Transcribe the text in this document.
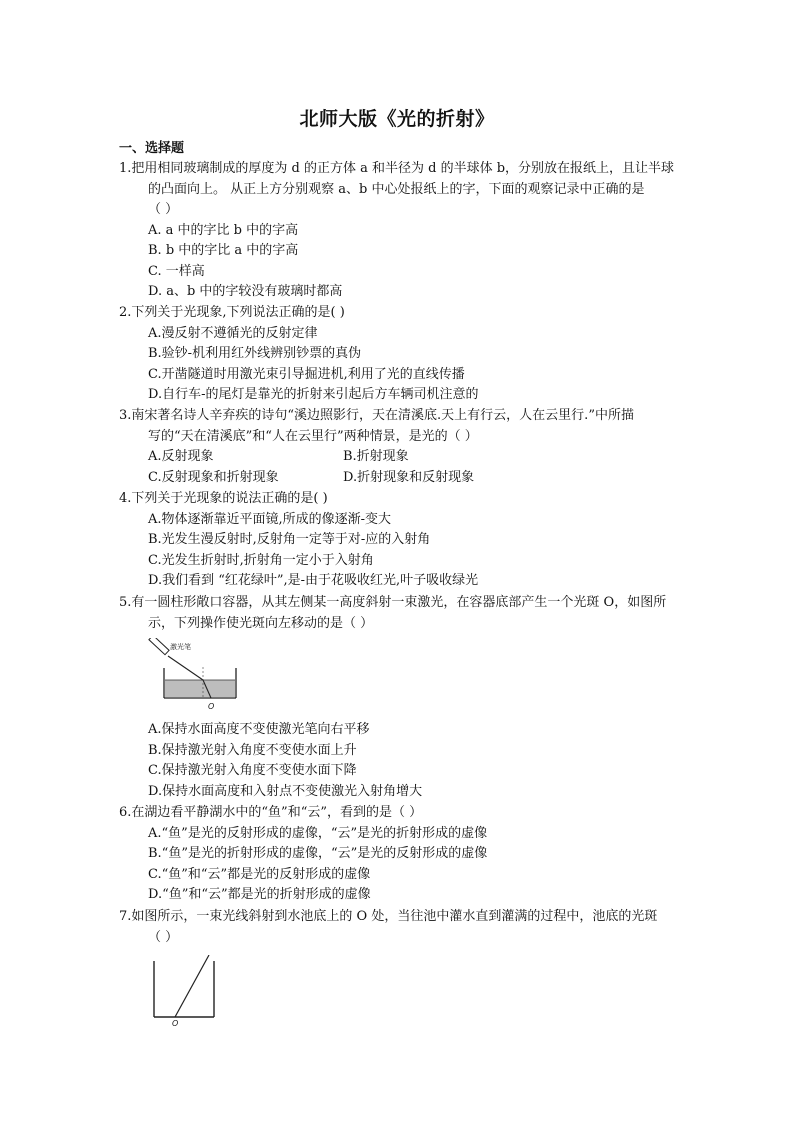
北师大版《光的折射》
一、选择题
1.把用相同玻璃制成的厚度为 d 的正方体 a 和半径为 d 的半球体 b，分别放在报纸上，且让半球
的凸面向上。 从正上方分别观察 a、b 中心处报纸上的字，下面的观察记录中正确的是
（ ）
A. a 中的字比 b 中的字高
B. b 中的字比 a 中的字高
C. 一样高
D. a、b 中的字较没有玻璃时都高
2.下列关于光现象,下列说法正确的是( )
A.漫反射不遵循光的反射定律
B.验钞-机利用红外线辨别钞票的真伪
C.开凿隧道时用激光束引导掘进机,利用了光的直线传播
D.自行车-的尾灯是靠光的折射来引起后方车辆司机注意的
3.南宋著名诗人辛弃疾的诗句“溪边照影行，天在清溪底.天上有行云，人在云里行.”中所描
写的“天在清溪底”和“人在云里行”两种情景，是光的（ ）
A.反射现象	B.折射现象
C.反射现象和折射现象	D.折射现象和反射现象
4.下列关于光现象的说法正确的是( )
A.物体逐渐靠近平面镜,所成的像逐渐-变大
B.光发生漫反射时,反射角一定等于对-应的入射角
C.光发生折射时,折射角一定小于入射角
D.我们看到 “红花绿叶”,是-由于花吸收红光,叶子吸收绿光
5.有一圆柱形敞口容器，从其左侧某一高度斜射一束激光，在容器底部产生一个光斑 O，如图所
示，下列操作使光斑向左移动的是（ ）
激光笔
O
A.保持水面高度不变使激光笔向右平移
B.保持激光射入角度不变使水面上升
C.保持激光射入角度不变使水面下降
D.保持水面高度和入射点不变使激光入射角增大
6.在湖边看平静湖水中的“鱼”和“云”，看到的是（ ）
A.“鱼”是光的反射形成的虚像，“云”是光的折射形成的虚像
B.“鱼”是光的折射形成的虚像，“云”是光的反射形成的虚像
C.“鱼”和“云”都是光的反射形成的虚像
D.“鱼”和“云”都是光的折射形成的虚像
7.如图所示，一束光线斜射到水池底上的 O 处，当往池中灌水直到灌满的过程中，池底的光斑
（ ）
O
